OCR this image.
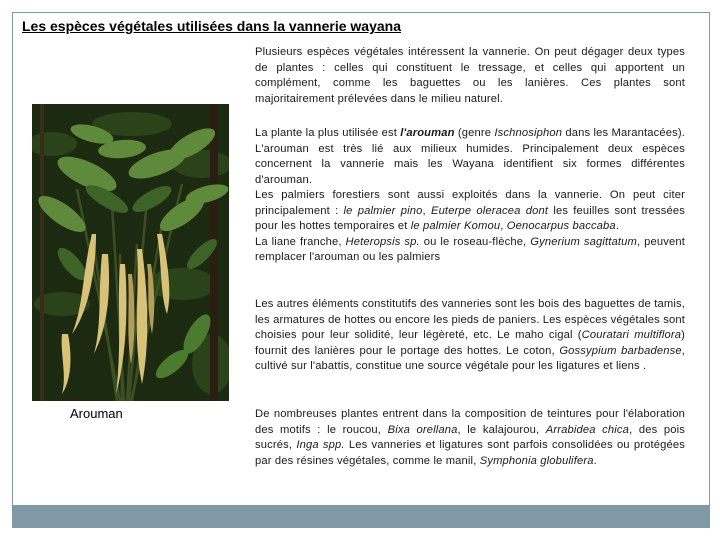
Les espèces végétales utilisées dans la vannerie wayana
Arouman
Plusieurs espèces végétales intéressent la vannerie. On peut dégager deux types de plantes : celles qui constituent le tressage, et celles qui apportent un complément, comme les baguettes ou les lanières. Ces plantes sont majoritairement prélevées dans le milieu naturel.
La plante la plus utilisée est l'arouman (genre Ischnosiphon dans les Marantacées). L'arouman est très lié aux milieux humides. Principalement deux espèces concernent la vannerie mais les Wayana identifient six formes différentes d'arouman.
Les palmiers forestiers sont aussi exploités dans la vannerie. On peut citer principalement : le palmier pino, Euterpe oleracea dont les feuilles sont tressées pour les hottes temporaires et le palmier Komou, Oenocarpus baccaba.
La liane franche, Heteropsis sp. ou le roseau-flèche, Gynerium sagittatum, peuvent remplacer l'arouman ou les palmiers
Les autres éléments constitutifs des vanneries sont les bois des baguettes de tamis, les armatures de hottes ou encore les pieds de paniers. Les espèces végétales sont choisies pour leur solidité, leur légèreté, etc. Le maho cigal (Couratari multiflora) fournit des lanières pour le portage des hottes. Le coton, Gossypium barbadense, cultivé sur l'abattis, constitue une source végétale pour les ligatures et liens .
De nombreuses plantes entrent dans la composition de teintures pour l'élaboration des motifs : le roucou, Bixa orellana, le kalajourou, Arrabidea chica, des pois sucrés, Inga spp. Les vanneries et ligatures sont parfois consolidées ou protégées par des résines végétales, comme le manil, Symphonia globulifera.
